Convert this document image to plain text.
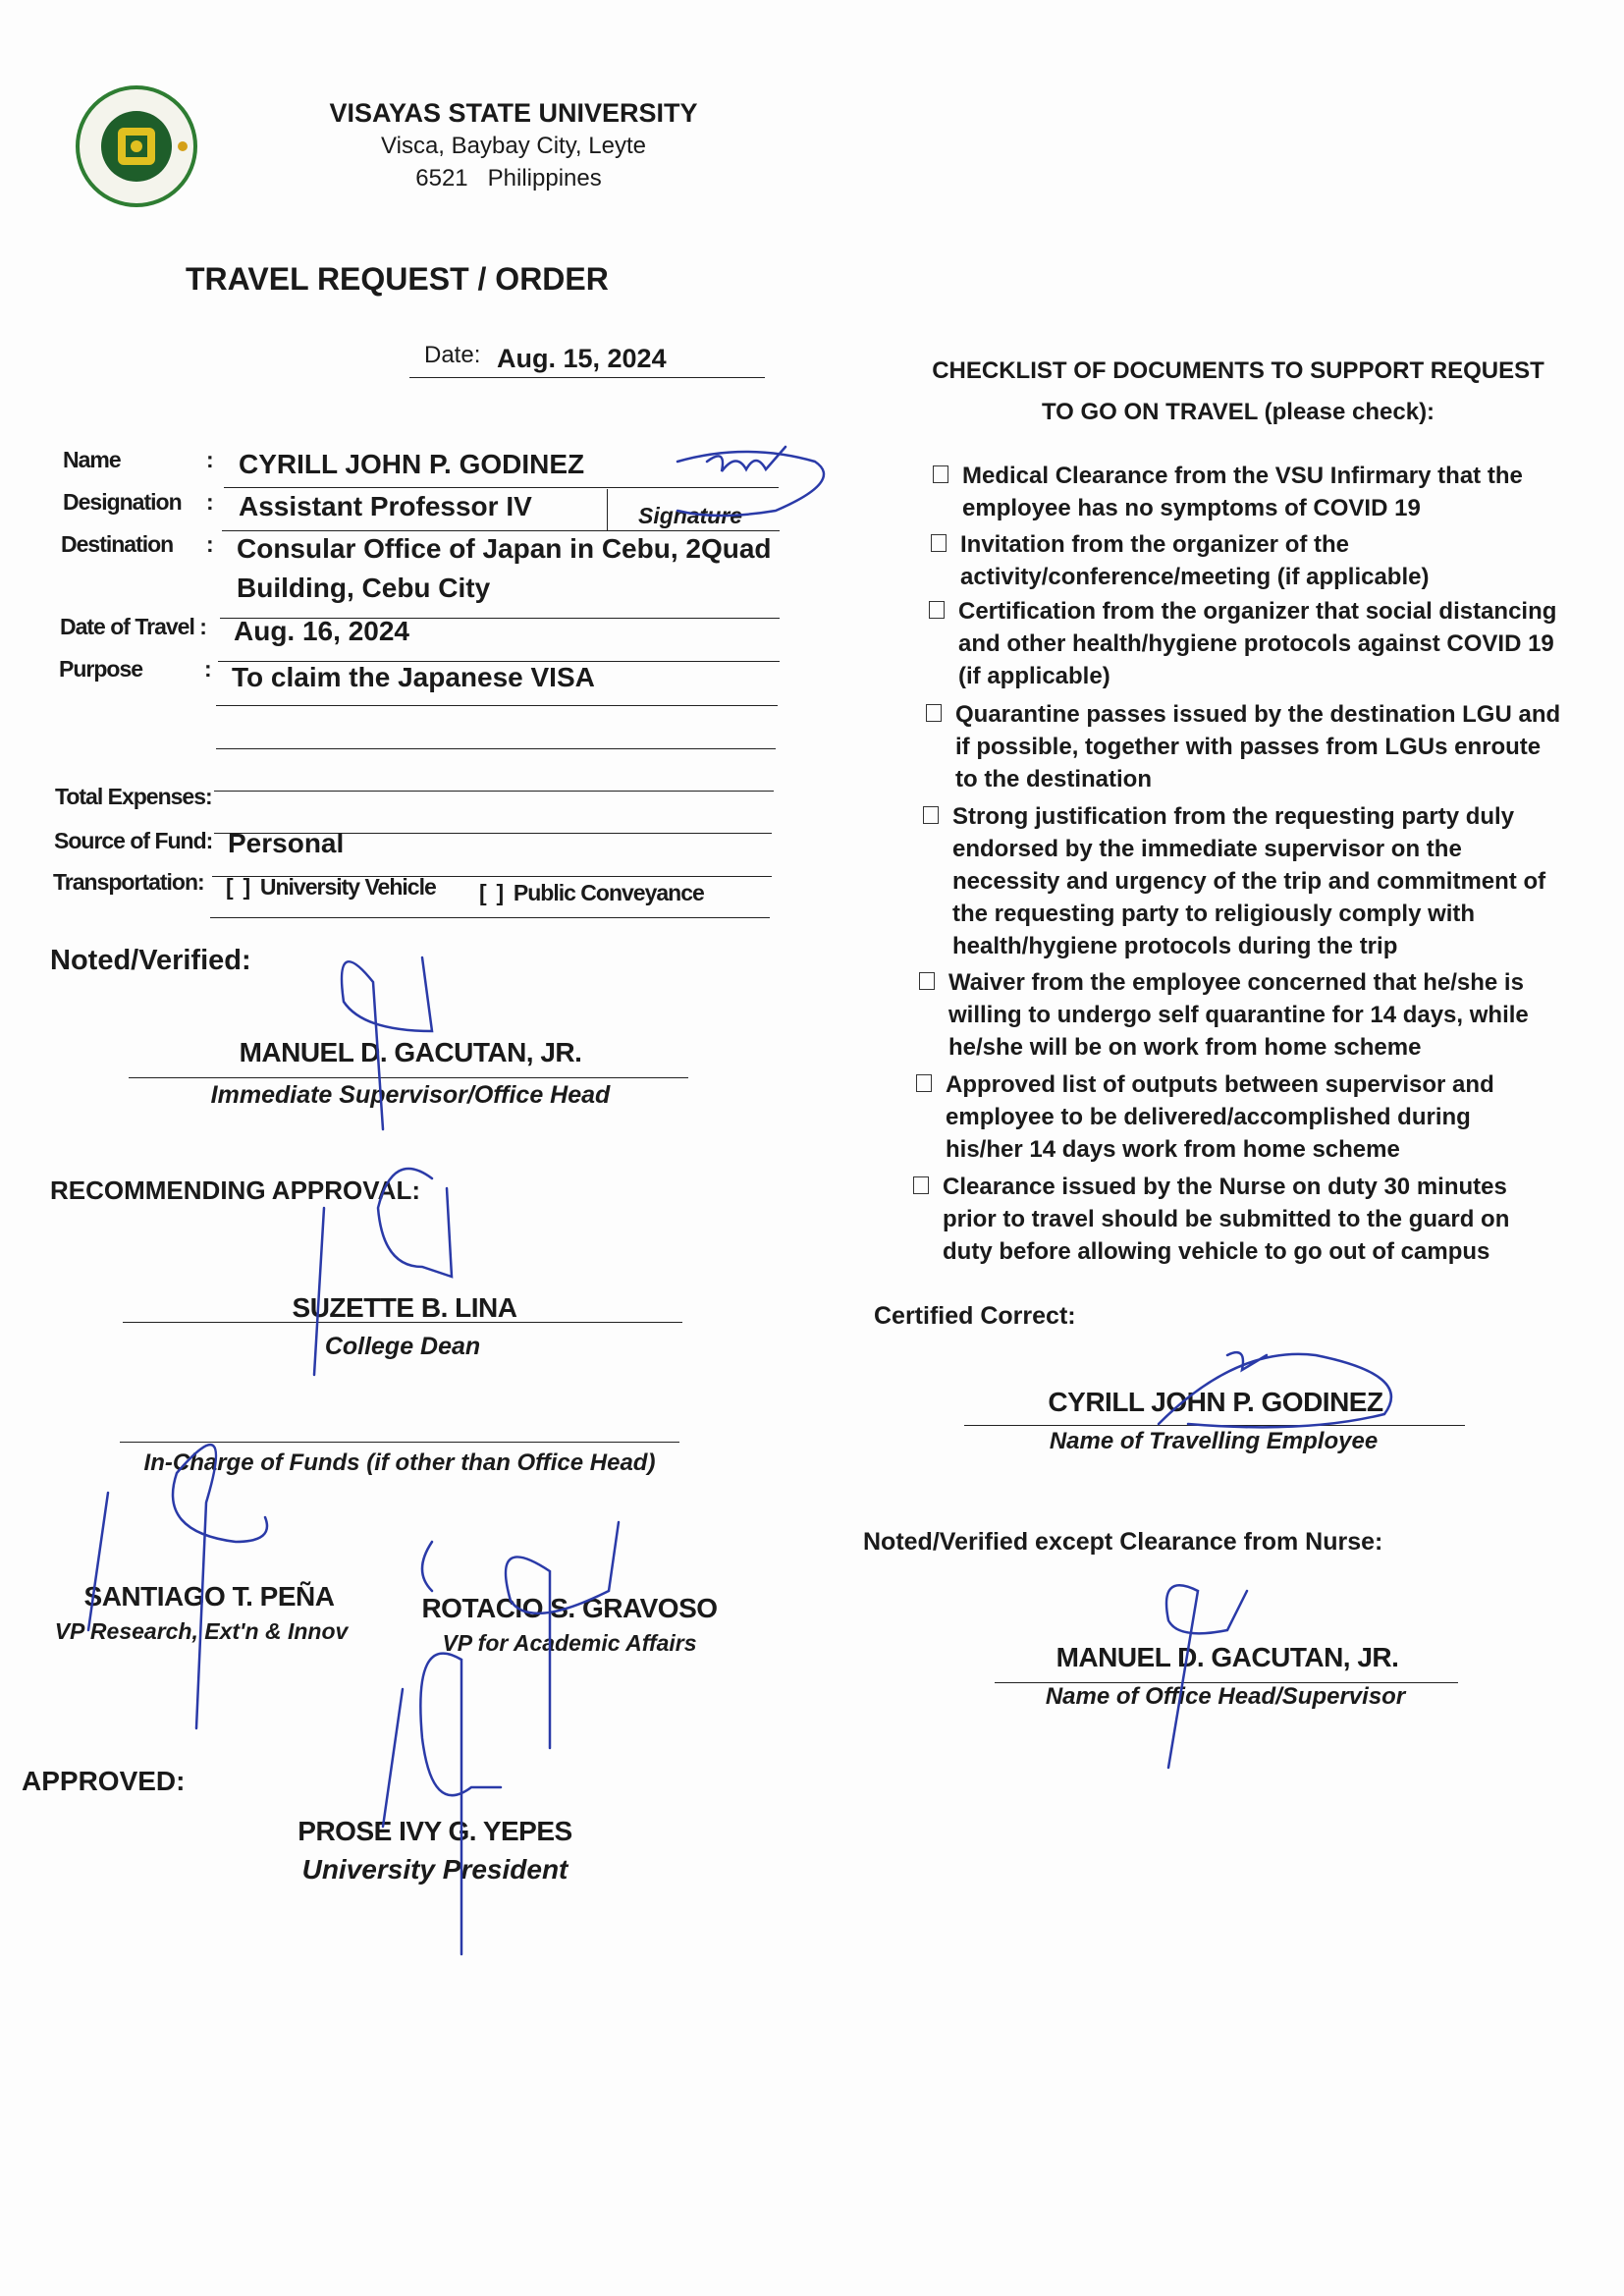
VISAYAS STATE UNIVERSITY
Visca, Baybay City, Leyte
6521   Philippines
TRAVEL REQUEST / ORDER
Date: Aug. 15, 2024
Name	: CYRILL JOHN P. GODINEZ
Designation : Assistant Professor IV	Signature
Destination : Consular Office of Japan in Cebu, 2Quad
Building, Cebu City
Date of Travel : Aug. 16, 2024
Purpose	: To claim the Japanese VISA
Total Expenses:
Source of Fund: Personal
Transportation: [  ]  University Vehicle [  ]  Public Conveyance
Noted/Verified:
MANUEL D. GACUTAN, JR.
Immediate Supervisor/Office Head
RECOMMENDING APPROVAL:
SUZETTE B. LINA
College Dean
In-Charge of Funds (if other than Office Head)
SANTIAGO T. PEÑA
VP Research, Ext'n & Innov
ROTACIO S. GRAVOSO
VP for Academic Affairs
APPROVED:
PROSE IVY G. YEPES
University President
CHECKLIST OF DOCUMENTS TO SUPPORT REQUEST
TO GO ON TRAVEL (please check):
Medical Clearance from the VSU Infirmary that the employee has no symptoms of COVID 19
Invitation from the organizer of the activity/conference/meeting (if applicable)
Certification from the organizer that social distancing and other health/hygiene protocols against COVID 19 (if applicable)
Quarantine passes issued by the destination LGU and if possible, together with passes from LGUs enroute to the destination
Strong justification from the requesting party duly endorsed by the immediate supervisor on the necessity and urgency of the trip and commitment of the requesting party to religiously comply with health/hygiene protocols during the trip
Waiver from the employee concerned that he/she is willing to undergo self quarantine for 14 days, while he/she will be on work from home scheme
Approved list of outputs between supervisor and employee to be delivered/accomplished during his/her 14 days work from home scheme
Clearance issued by the Nurse on duty 30 minutes prior to travel should be submitted to the guard on duty before allowing vehicle to go out of campus
Certified Correct:
CYRILL JOHN P. GODINEZ
Name of Travelling Employee
Noted/Verified except Clearance from Nurse:
MANUEL D. GACUTAN, JR.
Name of Office Head/Supervisor
